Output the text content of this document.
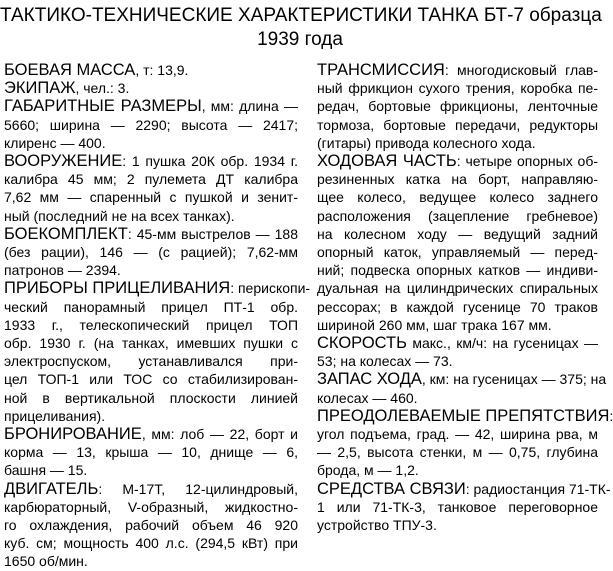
ТАКТИКО-ТЕХНИЧЕСКИЕ ХАРАКТЕРИСТИКИ ТАНКА БТ-7 образца
1939 года
БОЕВАЯ МАССА, т: 13,9.
ЭКИПАЖ, чел.: 3.
ГАБАРИТНЫЕ РАЗМЕРЫ, мм: длина —
5660; ширина — 2290; высота — 2417;
клиренс — 400.
ВООРУЖЕНИЕ: 1 пушка 20К обр. 1934 г.
калибра 45 мм; 2 пулемета ДТ калибра
7,62 мм — спаренный с пушкой и зенит-
ный (последний не на всех танках).
БОЕКОМПЛЕКТ: 45-мм выстрелов — 188
(без рации), 146 — (с рацией); 7,62-мм
патронов — 2394.
ПРИБОРЫ ПРИЦЕЛИВАНИЯ: перископи-
ческий панорамный прицел ПТ-1 обр.
1933 г., телескопический прицел ТОП
обр. 1930 г. (на танках, имевших пушки с
электроспуском, устанавливался при-
цел ТОП-1 или ТОС со стабилизирован-
ной в вертикальной плоскости линией
прицеливания).
БРОНИРОВАНИЕ, мм: лоб — 22, борт и
корма — 13, крыша — 10, днище — 6,
башня — 15.
ДВИГАТЕЛЬ: М-17Т, 12-цилиндровый,
карбюраторный, V-образный, жидкостно-
го охлаждения, рабочий объем 46 920
куб. см; мощность 400 л.с. (294,5 кВт) при
1650 об/мин.
ТРАНСМИССИЯ: многодисковый глав-
ный фрикцион сухого трения, коробка пе-
редач, бортовые фрикционы, ленточные
тормоза, бортовые передачи, редукторы
(гитары) привода колесного хода.
ХОДОВАЯ ЧАСТЬ: четыре опорных об-
резиненных катка на борт, направляю-
щее колесо, ведущее колесо заднего
расположения (зацепление гребневое)
на колесном ходу — ведущий задний
опорный каток, управляемый — перед-
ний; подвеска опорных катков — индиви-
дуальная на цилиндрических спиральных
рессорах; в каждой гусенице 70 траков
шириной 260 мм, шаг трака 167 мм.
СКОРОСТЬ макс., км/ч: на гусеницах —
53; на колесах — 73.
ЗАПАС ХОДА, км: на гусеницах — 375; на
колесах — 460.
ПРЕОДОЛЕВАЕМЫЕ ПРЕПЯТСТВИЯ:
угол подъема, град. — 42, ширина рва, м
— 2,5, высота стенки, м — 0,75, глубина
брода, м — 1,2.
СРЕДСТВА СВЯЗИ: радиостанция 71-ТК-
1 или 71-ТК-3, танковое переговорное
устройство ТПУ-3.
